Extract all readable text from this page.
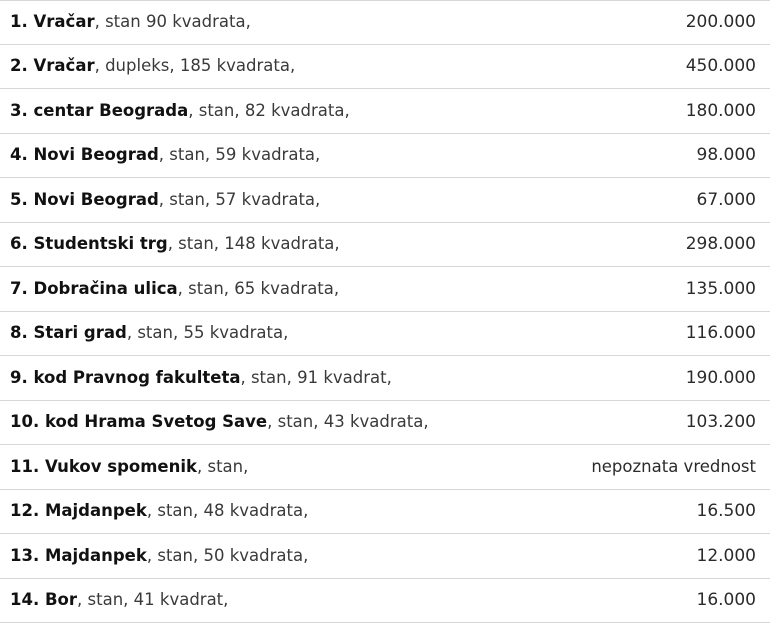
1. Vračar, stan 90 kvadrata,	200.000
2. Vračar, dupleks, 185 kvadrata,	450.000
3. centar Beograda, stan, 82 kvadrata,	180.000
4. Novi Beograd, stan, 59 kvadrata,	98.000
5. Novi Beograd, stan, 57 kvadrata,	67.000
6. Studentski trg, stan, 148 kvadrata,	298.000
7. Dobračina ulica, stan, 65 kvadrata,	135.000
8. Stari grad, stan, 55 kvadrata,	116.000
9. kod Pravnog fakulteta, stan, 91 kvadrat,	190.000
10. kod Hrama Svetog Save, stan, 43 kvadrata,	103.200
11. Vukov spomenik, stan,	nepoznata vrednost
12. Majdanpek, stan, 48 kvadrata,	16.500
13. Majdanpek, stan, 50 kvadrata,	12.000
14. Bor, stan, 41 kvadrat,	16.000
